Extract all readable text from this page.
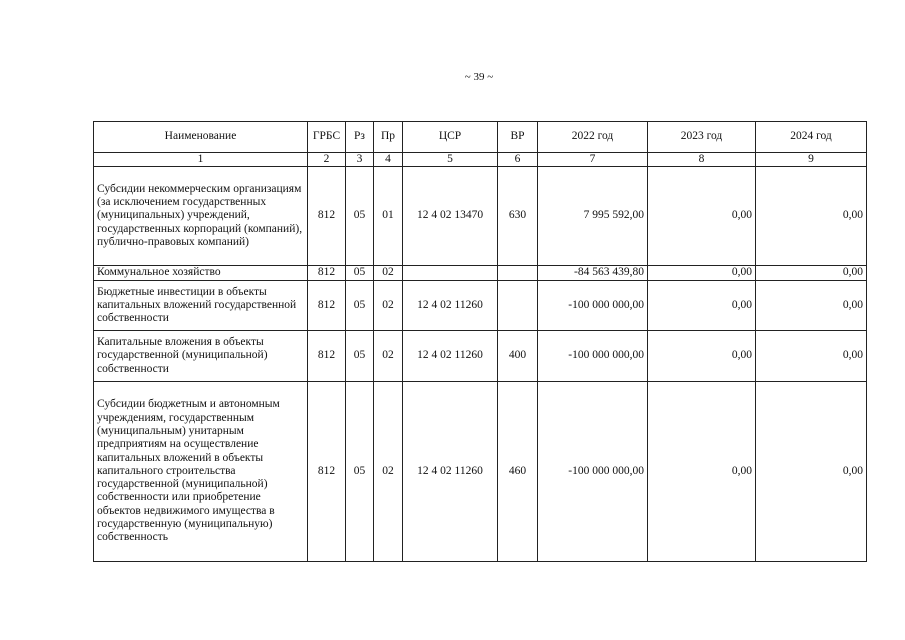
~ 39 ~
Наименование	ГРБС	Рз	Пр	ЦСР	ВР	2022 год	2023 год	2024 год
1	2	3	4	5	6	7	8	9
Субсидии некоммерческим организациям (за исключением государственных (муниципальных) учреждений, государственных корпораций (компаний), публично-правовых компаний)	812	05	01	12 4 02 13470	630	7 995 592,00	0,00	0,00
Коммунальное хозяйство	812	05	02			-84 563 439,80	0,00	0,00
Бюджетные инвестиции в объекты капитальных вложений государственной собственности	812	05	02	12 4 02 11260		-100 000 000,00	0,00	0,00
Капитальные вложения в объекты государственной (муниципальной) собственности	812	05	02	12 4 02 11260	400	-100 000 000,00	0,00	0,00
Субсидии бюджетным и автономным учреждениям, государственным (муниципальным) унитарным предприятиям на осуществление капитальных вложений в объекты капитального строительства государственной (муниципальной) собственности или приобретение объектов недвижимого имущества в государственную (муниципальную) собственность	812	05	02	12 4 02 11260	460	-100 000 000,00	0,00	0,00
